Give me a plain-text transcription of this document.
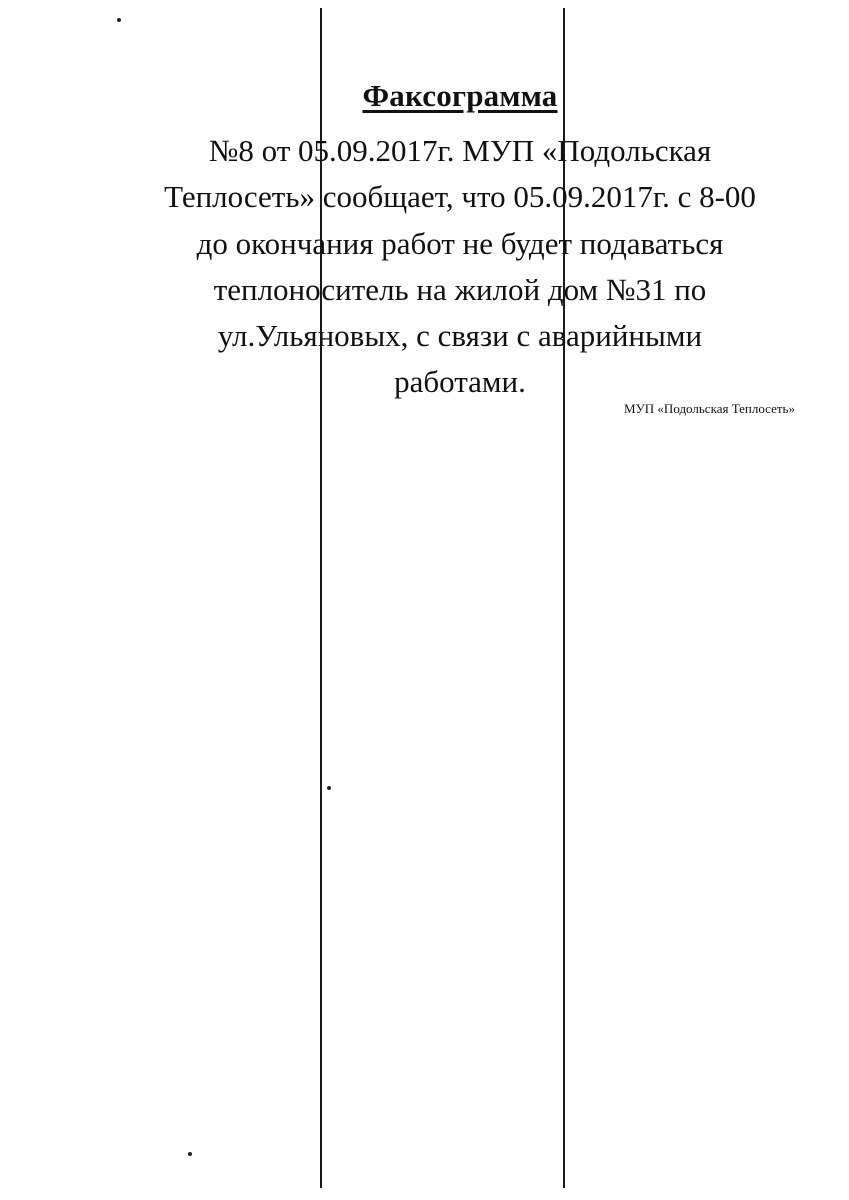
Факсограмма

№8 от 05.09.2017г. МУП «Подольская

Теплосеть» сообщает, что 05.09.2017г. с 8-00

до окончания работ не будет подаваться

теплоноситель на жилой дом №31 по

ул.Ульяновых, с связи с аварийными

работами.

МУП «Подольская Теплосеть»
